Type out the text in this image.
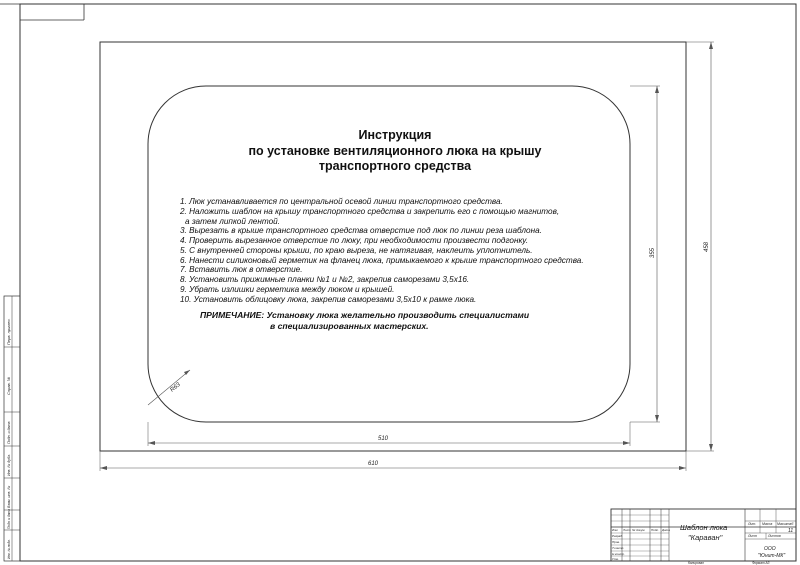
510
610
355
458
R63
Перв. примен.
Справ. №
Подп. и дата
Инв. № дубл.
Взам. инв. №
Подп. и дата
Инв. № подл.
Лит. Масса Масштаб
11
Лист	Листов
Изм	Лист № докум. Подп.	Дата
Разраб.
Пров.
Т.контр.
Н.контр.
Утв.
Шаблон люка
"Караван"
ООО
"Юнит-МК"
Копировал	Формат A3
Инструкция
по установке вентиляционного люка на крышу
транспортного средства
1. Люк устанавливается по центральной осевой линии транспортного средства.
2. Наложить шаблон на крышу транспортного средства и закрепить его с помощью магнитов,
а затем липкой лентой.
3. Вырезать в крыше транспортного средства отверстие под люк по линии реза шаблона.
4. Проверить вырезанное отверстие по люку, при необходимости произвести подгонку.
5. С внутренней стороны крыши, по краю выреза, не натягивая, наклеить уплотнитель.
6. Нанести силиконовый герметик на фланец люка, примыкаемого к крыше транспортного средства.
7. Вставить люк в отверстие.
8. Установить прижимные планки №1 и №2, закрепив саморезами 3,5х16.
9. Убрать излишки герметика между люком и крышей.
10. Установить облицовку люка, закрепив саморезами 3,5х10 к рамке люка.
ПРИМЕЧАНИЕ: Установку люка желательно производить специалистами
в специализированных мастерских.
